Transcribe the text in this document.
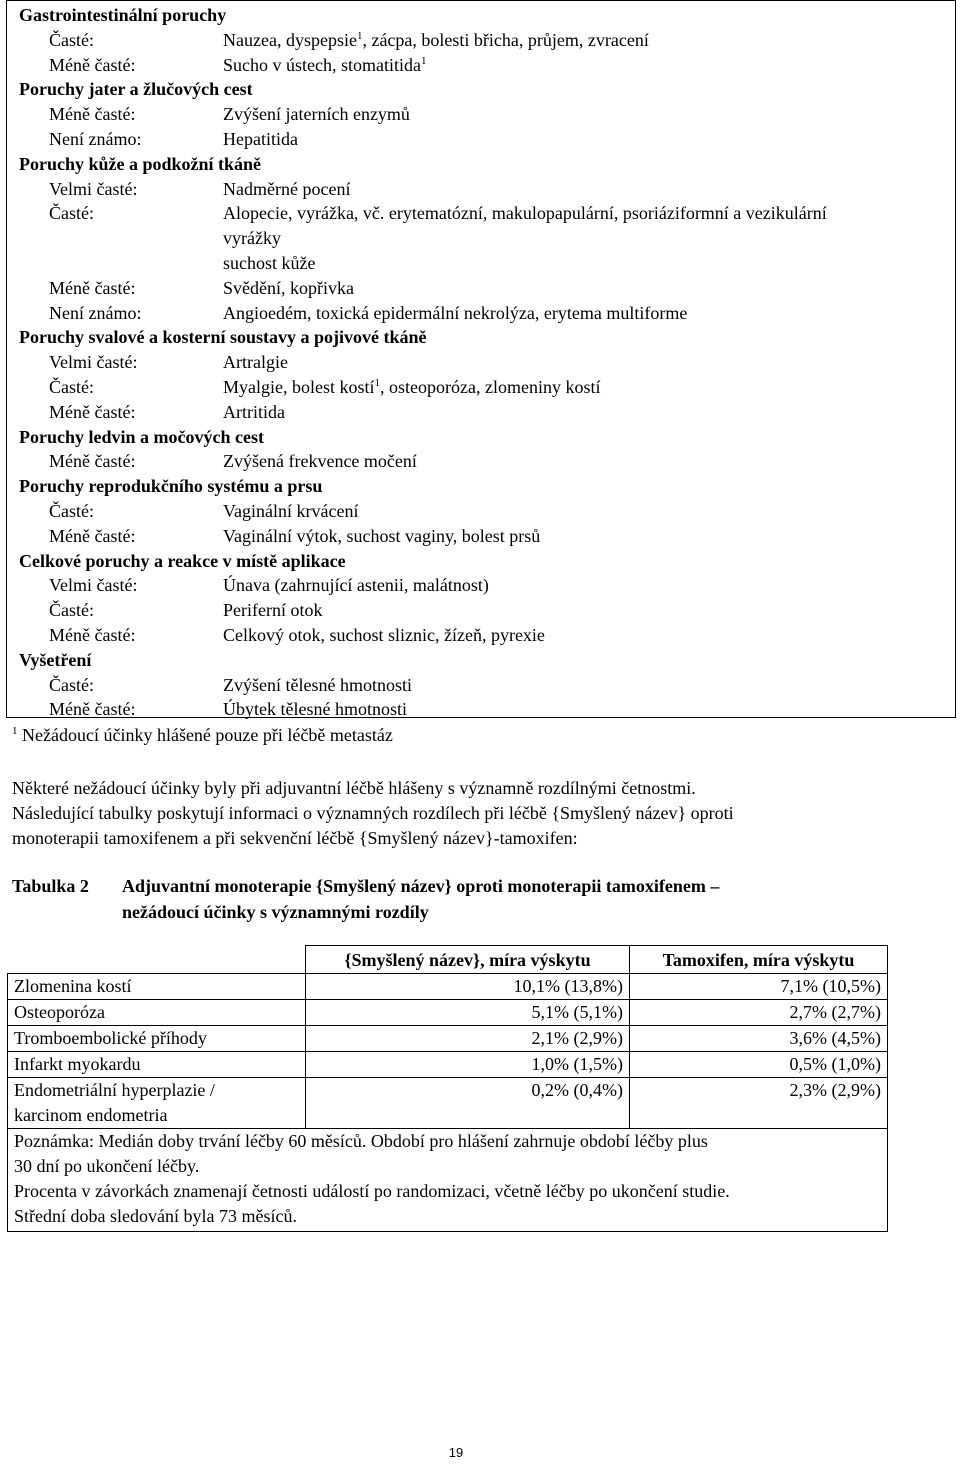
Gastrointestinální poruchy
Časté:	Nauzea, dyspepsie$^1$, zácpa, bolesti břicha, průjem, zvracení
Méně časté:	Sucho v ústech, stomatitida$^1$
Poruchy jater a žlučových cest
Méně časté:	Zvýšení jaterních enzymů
Není známo:	Hepatitida
Poruchy kůže a podkožní tkáně
Velmi časté:	Nadměrné pocení
Časté:	Alopecie, vyrážka, vč. erytematózní, makulopapulární, psoriáziformní a vezikulární
vyrážky
suchost kůže
Méně časté:	Svědění, kopřivka
Není známo:	Angioedém, toxická epidermální nekrolýza, erytema multiforme
Poruchy svalové a kosterní soustavy a pojivové tkáně
Velmi časté:	Artralgie
Časté:	Myalgie, bolest kostí$^1$, osteoporóza, zlomeniny kostí
Méně časté:	Artritida
Poruchy ledvin a močových cest
Méně časté:	Zvýšená frekvence močení
Poruchy reprodukčního systému a prsu
Časté:	Vaginální krvácení
Méně časté:	Vaginální výtok, suchost vaginy, bolest prsů
Celkové poruchy a reakce v místě aplikace
Velmi časté:	Únava (zahrnující astenii, malátnost)
Časté:	Periferní otok
Méně časté:	Celkový otok, suchost sliznic, žízeň, pyrexie
Vyšetření
Časté:	Zvýšení tělesné hmotnosti
Méně časté:	Úbytek tělesné hmotnosti
$^1$ Nežádoucí účinky hlášené pouze při léčbě metastáz
Některé nežádoucí účinky byly při adjuvantní léčbě hlášeny s významně rozdílnými četnostmi.
Následující tabulky poskytují informaci o významných rozdílech při léčbě {Smyšlený název} oproti
monoterapii tamoxifenem a při sekvenční léčbě {Smyšlený název}-tamoxifen:
Tabulka 2 Adjuvantní monoterapie {Smyšlený název} oproti monoterapii tamoxifenem –
nežádoucí účinky s významnými rozdíly
	{Smyšlený název}, míra výskytu	Tamoxifen, míra výskytu
Zlomenina kostí	10,1% (13,8%)	7,1% (10,5%)
Osteoporóza	5,1% (5,1%)	2,7% (2,7%)
Tromboembolické příhody	2,1% (2,9%)	3,6% (4,5%)
Infarkt myokardu	1,0% (1,5%)	0,5% (1,0%)

Endometriální hyperplazie /
karcinom endometria	0,2% (0,4%)	2,3% (2,9%)

Poznámka: Medián doby trvání léčby 60 měsíců. Období pro hlášení zahrnuje období léčby plus
30 dní po ukončení léčby.
Procenta v závorkách znamenají četnosti událostí po randomizaci, včetně léčby po ukončení studie.
Střední doba sledování byla 73 měsíců.		
19
